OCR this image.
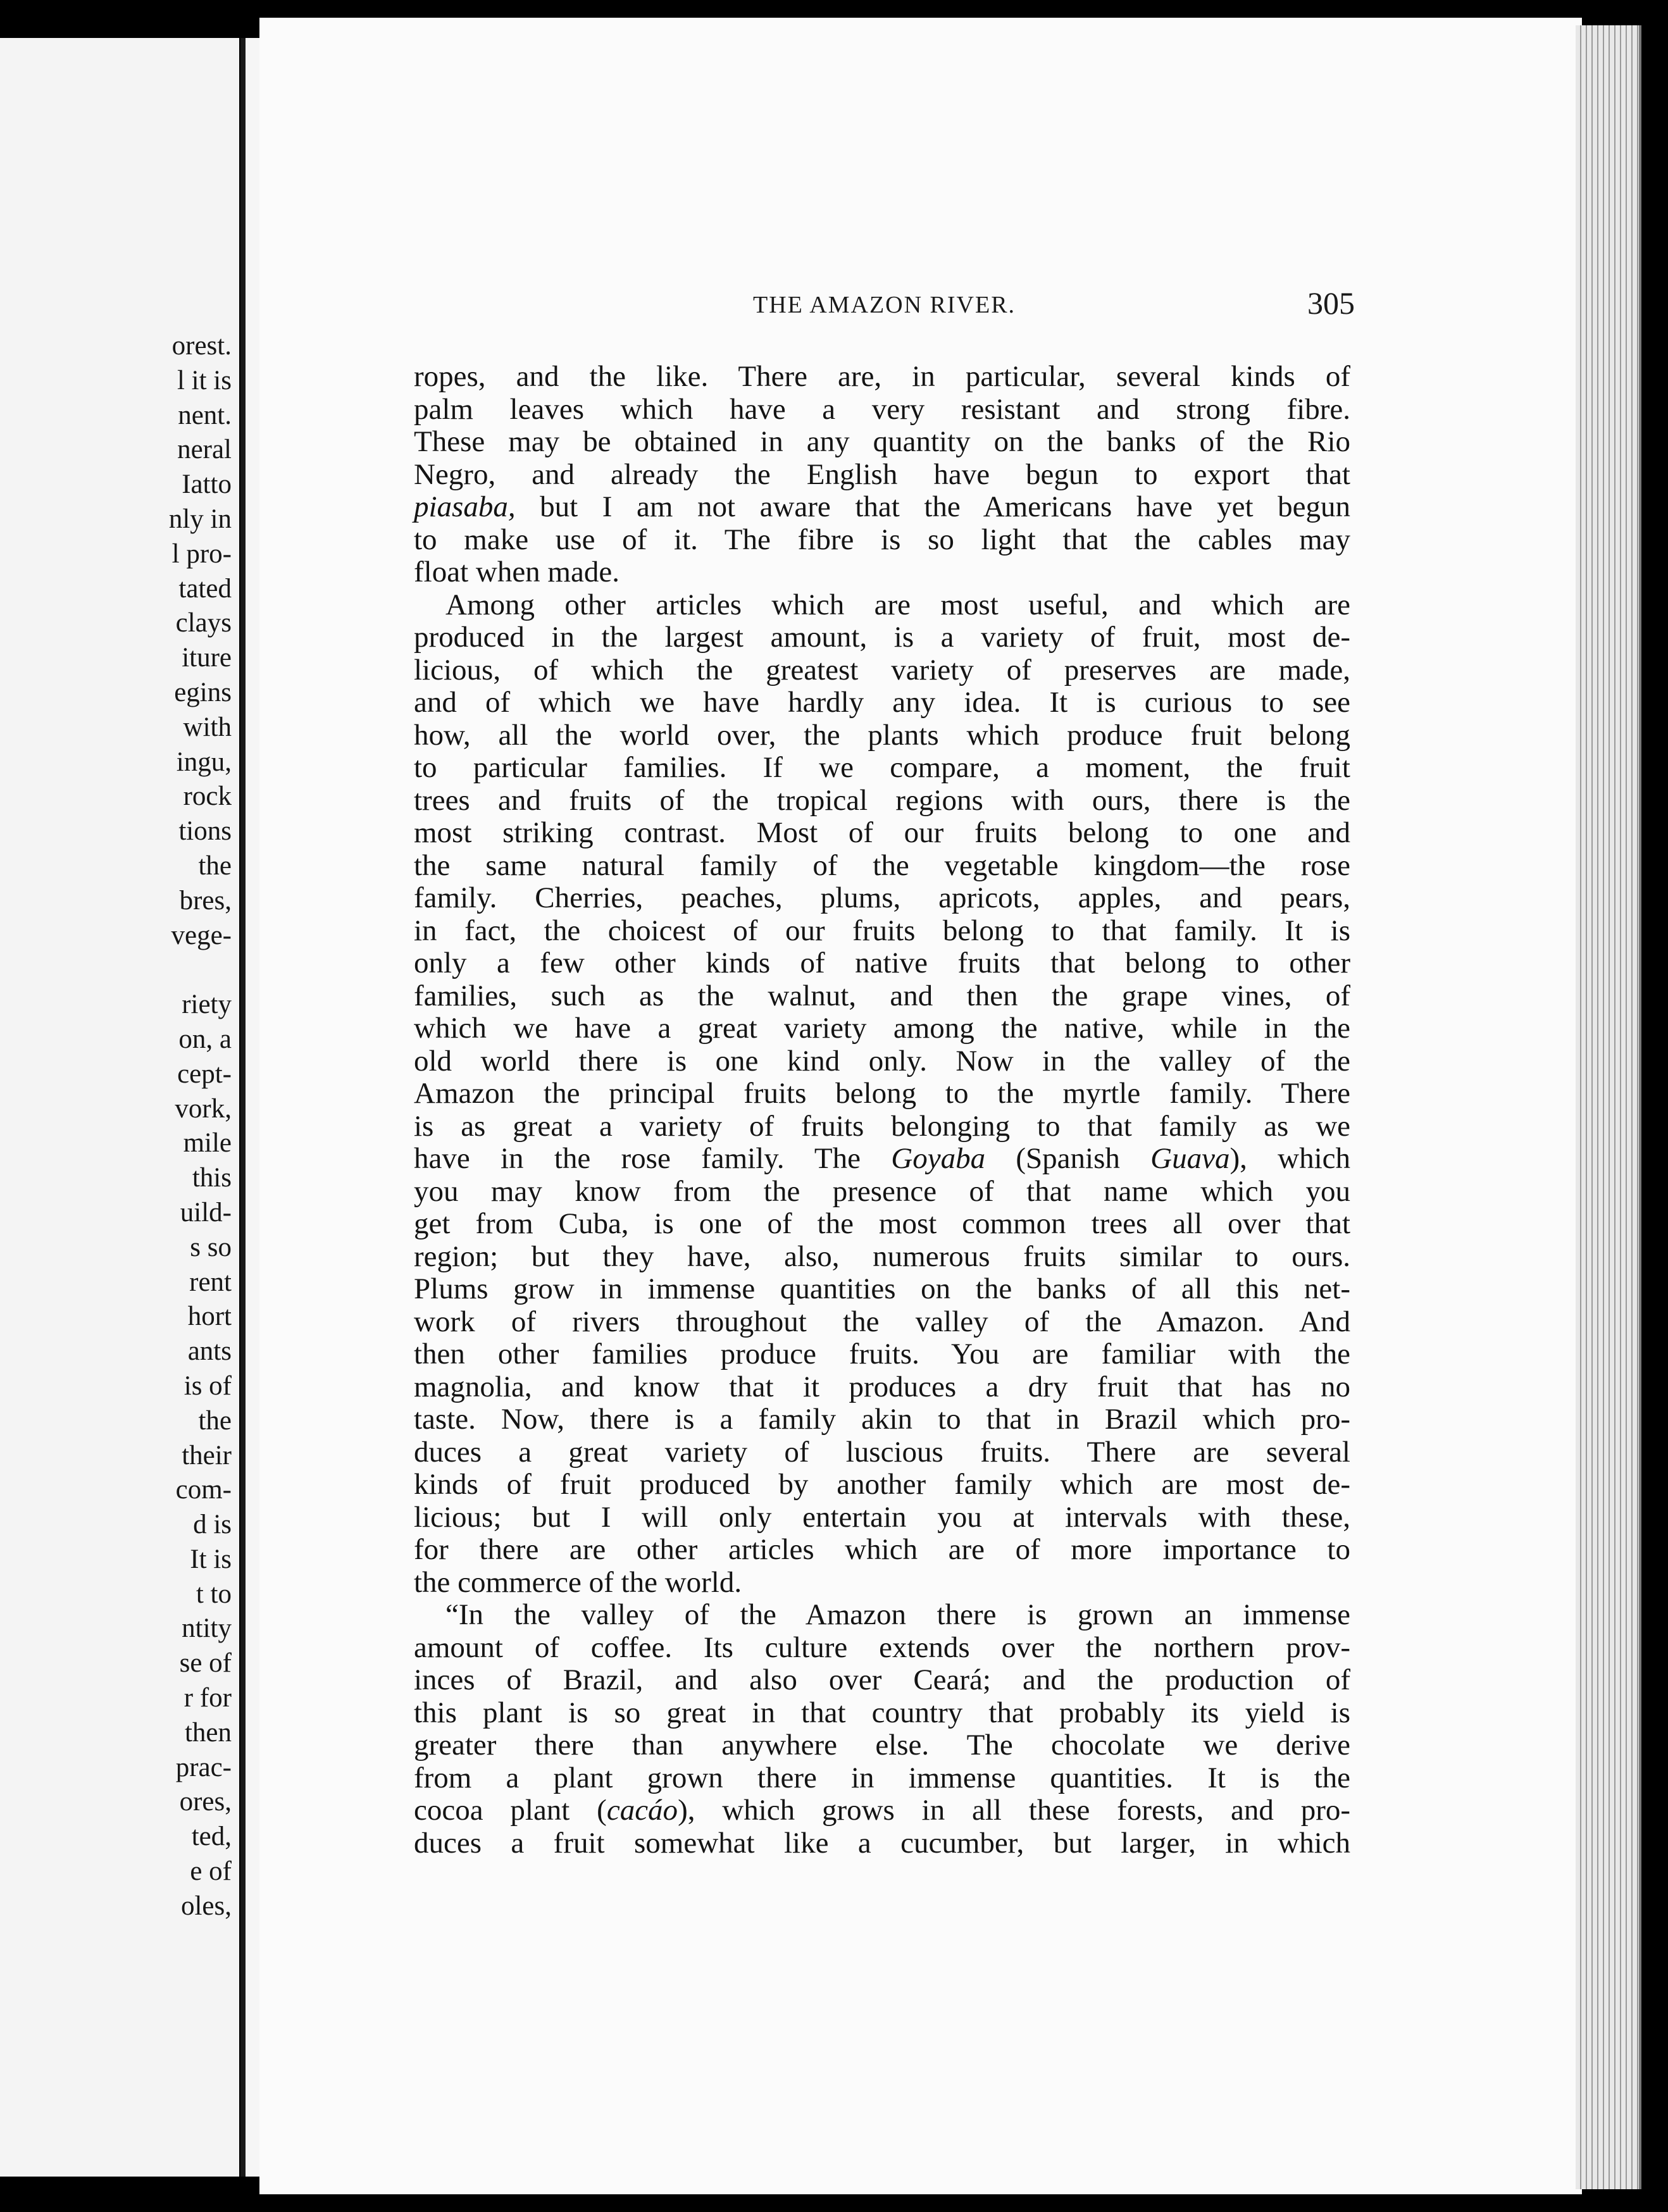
orest.
l it is
nent.
neral
Iatto
nly in
l pro-
tated
clays
iture
egins
with
ingu,
rock
tions
the
bres,
vege-
riety
on, a
cept-
vork,
mile
this
uild-
s so
rent
hort
ants
is of
the
their
com-
d is
It is
t to
ntity
se of
r for
then
prac-
ores,
ted,
e of
oles,
THE AMAZON RIVER.	305
ropes, and the like. There are, in particular, several kinds of
palm leaves which have a very resistant and strong fibre.
These may be obtained in any quantity on the banks of the Rio
Negro, and already the English have begun to export that
piasaba, but I am not aware that the Americans have yet begun
to make use of it. The fibre is so light that the cables may
float when made.
Among other articles which are most useful, and which are
produced in the largest amount, is a variety of fruit, most de-
licious, of which the greatest variety of preserves are made,
and of which we have hardly any idea. It is curious to see
how, all the world over, the plants which produce fruit belong
to particular families. If we compare, a moment, the fruit
trees and fruits of the tropical regions with ours, there is the
most striking contrast. Most of our fruits belong to one and
the same natural family of the vegetable kingdom—the rose
family. Cherries, peaches, plums, apricots, apples, and pears,
in fact, the choicest of our fruits belong to that family. It is
only a few other kinds of native fruits that belong to other
families, such as the walnut, and then the grape vines, of
which we have a great variety among the native, while in the
old world there is one kind only. Now in the valley of the
Amazon the principal fruits belong to the myrtle family. There
is as great a variety of fruits belonging to that family as we
have in the rose family. The Goyaba (Spanish Guava), which
you may know from the presence of that name which you
get from Cuba, is one of the most common trees all over that
region; but they have, also, numerous fruits similar to ours.
Plums grow in immense quantities on the banks of all this net-
work of rivers throughout the valley of the Amazon. And
then other families produce fruits. You are familiar with the
magnolia, and know that it produces a dry fruit that has no
taste. Now, there is a family akin to that in Brazil which pro-
duces a great variety of luscious fruits. There are several
kinds of fruit produced by another family which are most de-
licious; but I will only entertain you at intervals with these,
for there are other articles which are of more importance to
the commerce of the world.
“In the valley of the Amazon there is grown an immense
amount of coffee. Its culture extends over the northern prov-
inces of Brazil, and also over Ceará; and the production of
this plant is so great in that country that probably its yield is
greater there than anywhere else. The chocolate we derive
from a plant grown there in immense quantities. It is the
cocoa plant (cacáo), which grows in all these forests, and pro-
duces a fruit somewhat like a cucumber, but larger, in which
